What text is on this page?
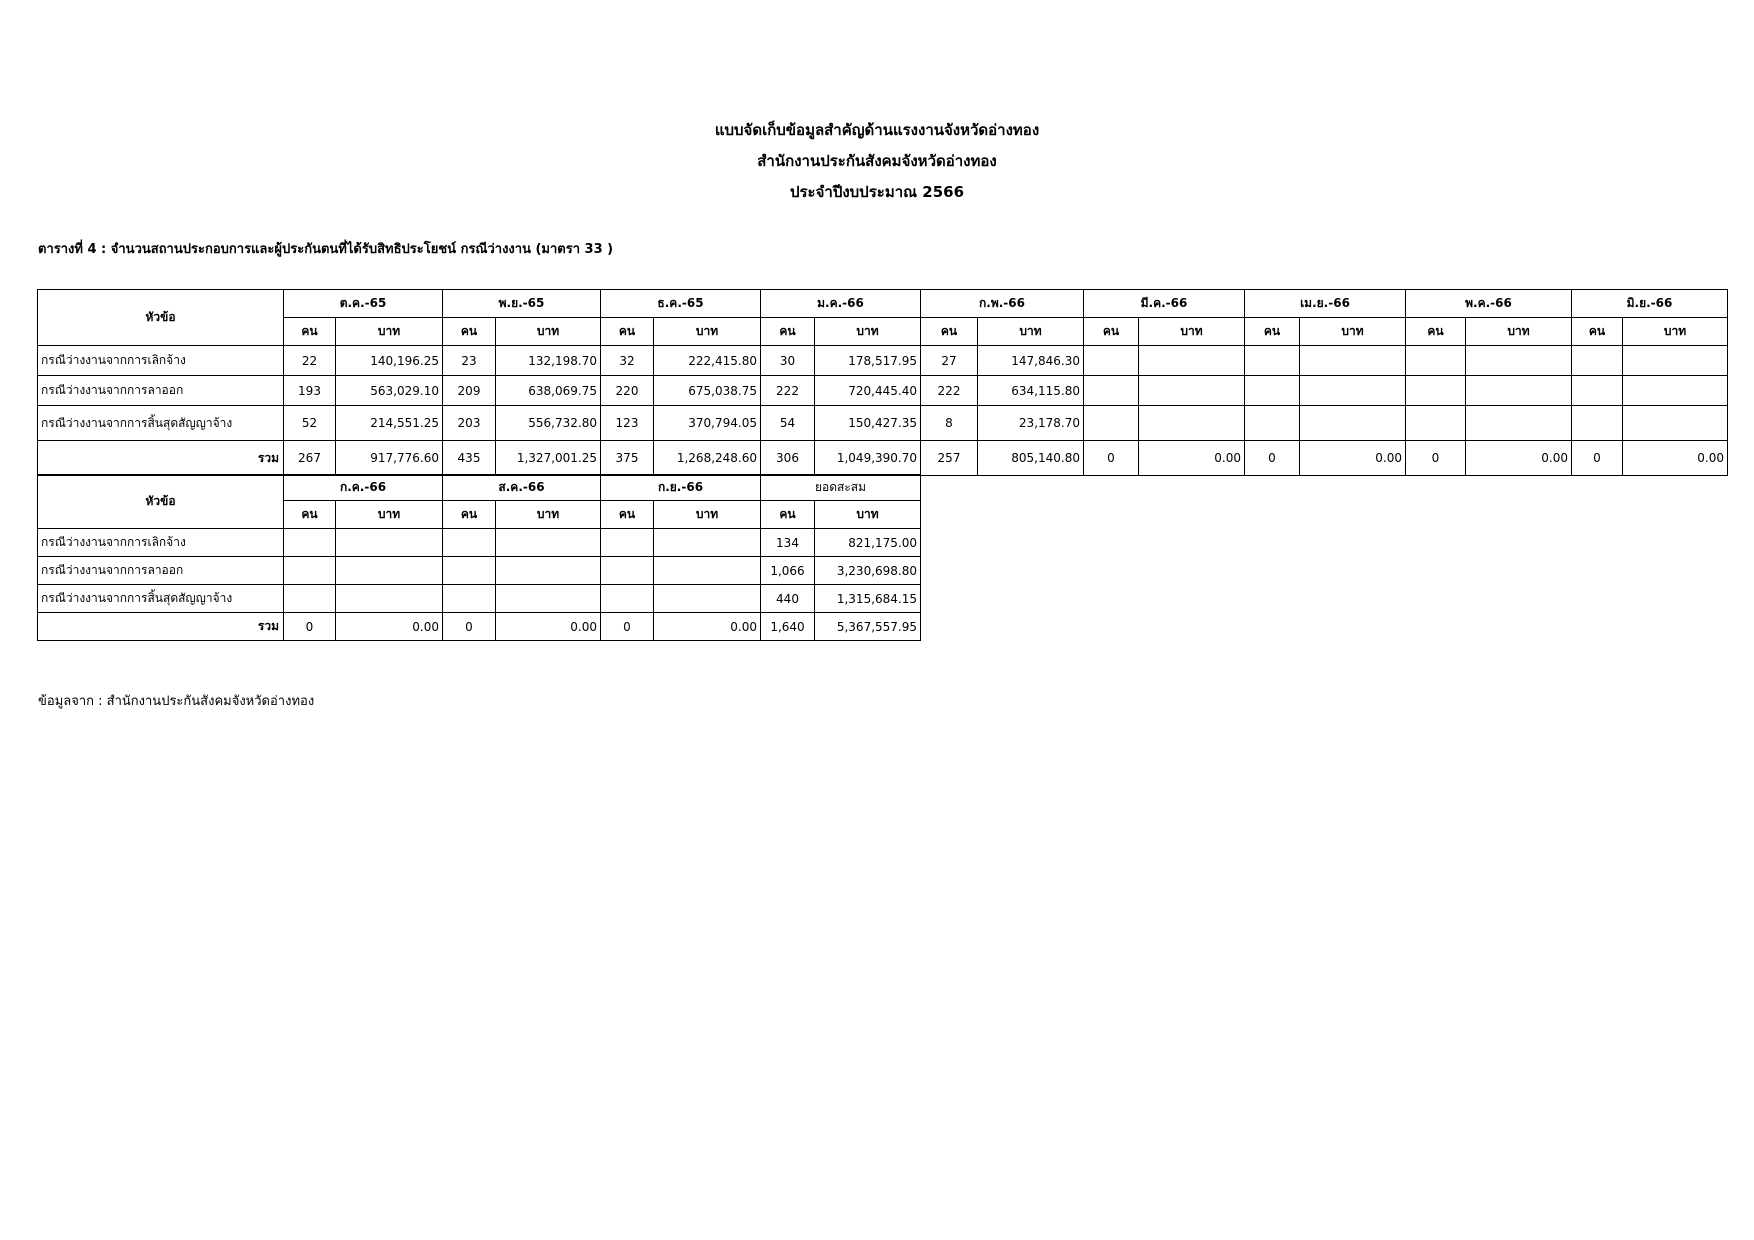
แบบจัดเก็บข้อมูลสำคัญด้านแรงงานจังหวัดอ่างทอง
สำนักงานประกันสังคมจังหวัดอ่างทอง
ประจำปีงบประมาณ 2566
ตารางที่ 4 : จำนวนสถานประกอบการและผู้ประกันตนที่ได้รับสิทธิประโยชน์ กรณีว่างงาน (มาตรา 33 )
หัวข้อ	ต.ค.-65		พ.ย.-65		ธ.ค.-65		ม.ค.-66		ก.พ.-66		มี.ค.-66		เม.ย.-66		พ.ค.-66		มิ.ย.-66	
	คน	บาท	คน	บาท	คน	บาท	คน	บาท	คน	บาท	คน	บาท	คน	บาท	คน	บาท	คน	บาท
กรณีว่างงานจากการเลิกจ้าง	22	140,196.25	23	132,198.70	32	222,415.80	30	178,517.95	27	147,846.30								
กรณีว่างงานจากการลาออก	193	563,029.10	209	638,069.75	220	675,038.75	222	720,445.40	222	634,115.80								
กรณีว่างงานจากการสิ้นสุดสัญญาจ้าง	52	214,551.25	203	556,732.80	123	370,794.05	54	150,427.35	8	23,178.70								
รวม	267	917,776.60	435	1,327,001.25	375	1,268,248.60	306	1,049,390.70	257	805,140.80	0	0.00	0	0.00	0	0.00	0	0.00
หัวข้อ	ก.ค.-66		ส.ค.-66		ก.ย.-66		ยอดสะสม	
	คน	บาท	คน	บาท	คน	บาท	คน	บาท
กรณีว่างงานจากการเลิกจ้าง							134	821,175.00
กรณีว่างงานจากการลาออก							1,066	3,230,698.80
กรณีว่างงานจากการสิ้นสุดสัญญาจ้าง							440	1,315,684.15
รวม	0	0.00	0	0.00	0	0.00	1,640	5,367,557.95
ข้อมูลจาก : สำนักงานประกันสังคมจังหวัดอ่างทอง
